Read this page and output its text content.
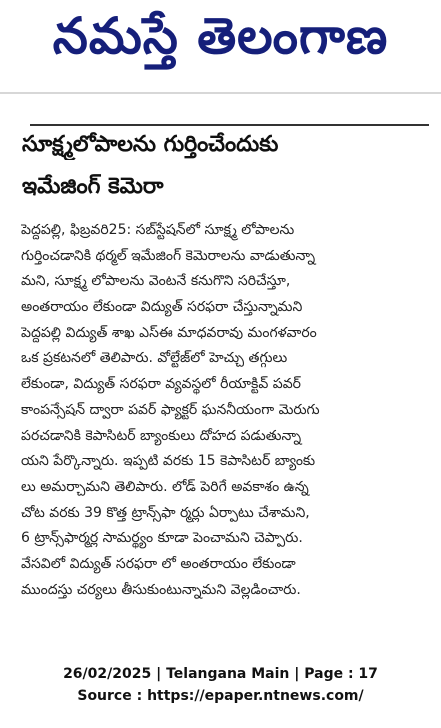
నమస్తే తెలంగాణ
సూక్ష్మలోపాలను గుర్తించేందుకు
ఇమేజింగ్ కెమెరా
పెద్దపల్లి, ఫిబ్రవరి25: సబ్‌స్టేషన్‌లో సూక్ష్మ లోపాలను
గుర్తించడానికి థర్మల్ ఇమేజింగ్ కెమెరాలను వాడుతున్నా
మని, సూక్ష్మ లోపాలను వెంటనే కనుగొని సరిచేస్తూ,
అంతరాయం లేకుండా విద్యుత్ సరఫరా చేస్తున్నామని
పెద్దపల్లి విద్యుత్ శాఖ ఎస్ఈ మాధవరావు మంగళవారం
ఒక ప్రకటనలో తెలిపారు. వోల్టేజ్‌లో హెచ్చు తగ్గులు
లేకుండా, విద్యుత్ సరఫరా వ్యవస్థలో రీయాక్టివ్ పవర్
కాంపన్సేషన్ ద్వారా పవర్ ఫ్యాక్టర్ ఘననీయంగా మెరుగు
పరచడానికి కెపాసిటర్ బ్యాంకులు దోహద పడుతున్నా
యని పేర్కొన్నారు. ఇప్పటి వరకు 15 కెపాసిటర్ బ్యాంకు
లు అమర్చామని తెలిపారు. లోడ్ పెరిగే అవకాశం ఉన్న
చోట వరకు 39 కొత్త ట్రాన్స్‌ఫా ర్మర్లు ఏర్పాటు చేశామని,
6 ట్రాన్స్‌ఫార్మర్ల సామర్థ్యం కూడా పెంచామని చెప్పారు.
వేసవిలో విద్యుత్ సరఫరా లో అంతరాయం లేకుండా
ముందస్తు చర్యలు తీసుకుంటున్నామని వెల్లడించారు.
26/02/2025 | Telangana Main | Page : 17
Source : https://epaper.ntnews.com/
